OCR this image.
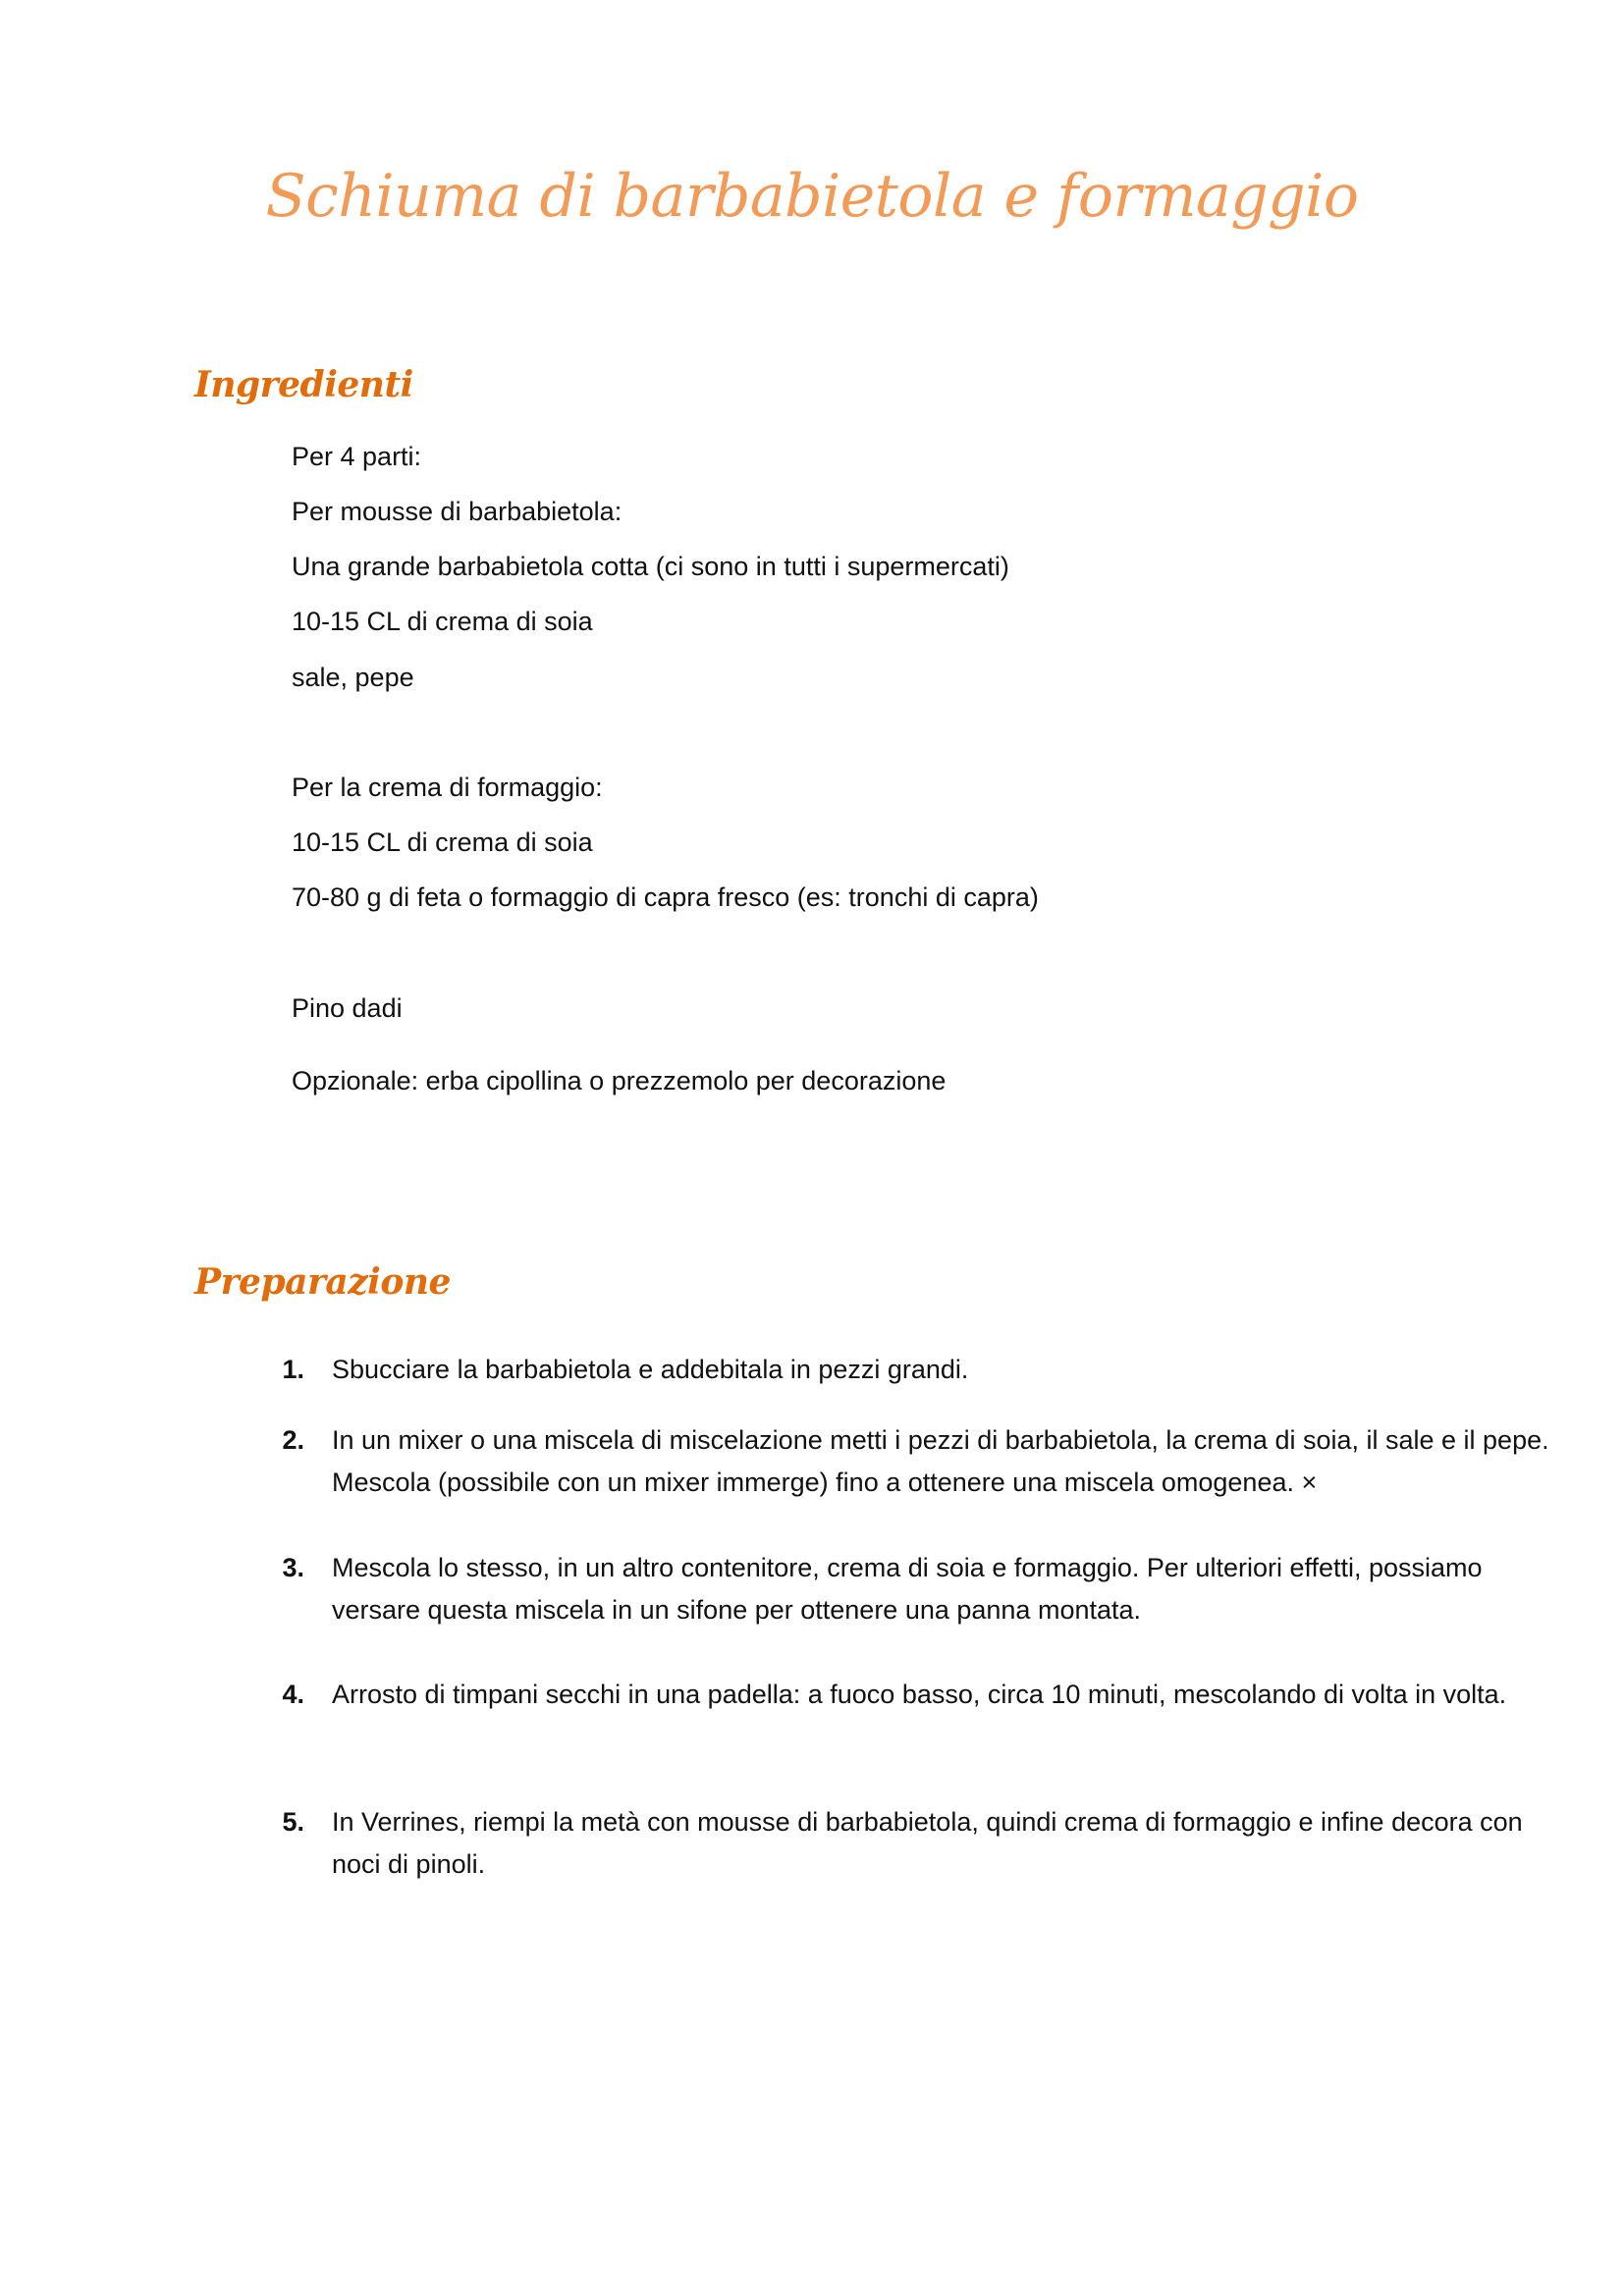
Schiuma di barbabietola e formaggio
Ingredienti
Per 4 parti:
Per mousse di barbabietola:
Una grande barbabietola cotta (ci sono in tutti i supermercati)
10-15 CL di crema di soia
sale, pepe
Per la crema di formaggio:
10-15 CL di crema di soia
70-80 g di feta o formaggio di capra fresco (es: tronchi di capra)
Pino dadi
Opzionale: erba cipollina o prezzemolo per decorazione
Preparazione
1. Sbucciare la barbabietola e addebitala in pezzi grandi.
2. In un mixer o una miscela di miscelazione metti i pezzi di barbabietola, la crema di soia, il sale e il pepe. Mescola (possibile con un mixer immerge) fino a ottenere una miscela omogenea. ×
3. Mescola lo stesso, in un altro contenitore, crema di soia e formaggio. Per ulteriori effetti, possiamo versare questa miscela in un sifone per ottenere una panna montata.
4. Arrosto di timpani secchi in una padella: a fuoco basso, circa 10 minuti, mescolando di volta in volta.
5. In Verrines, riempi la metà con mousse di barbabietola, quindi crema di formaggio e infine decora con noci di pinoli.
